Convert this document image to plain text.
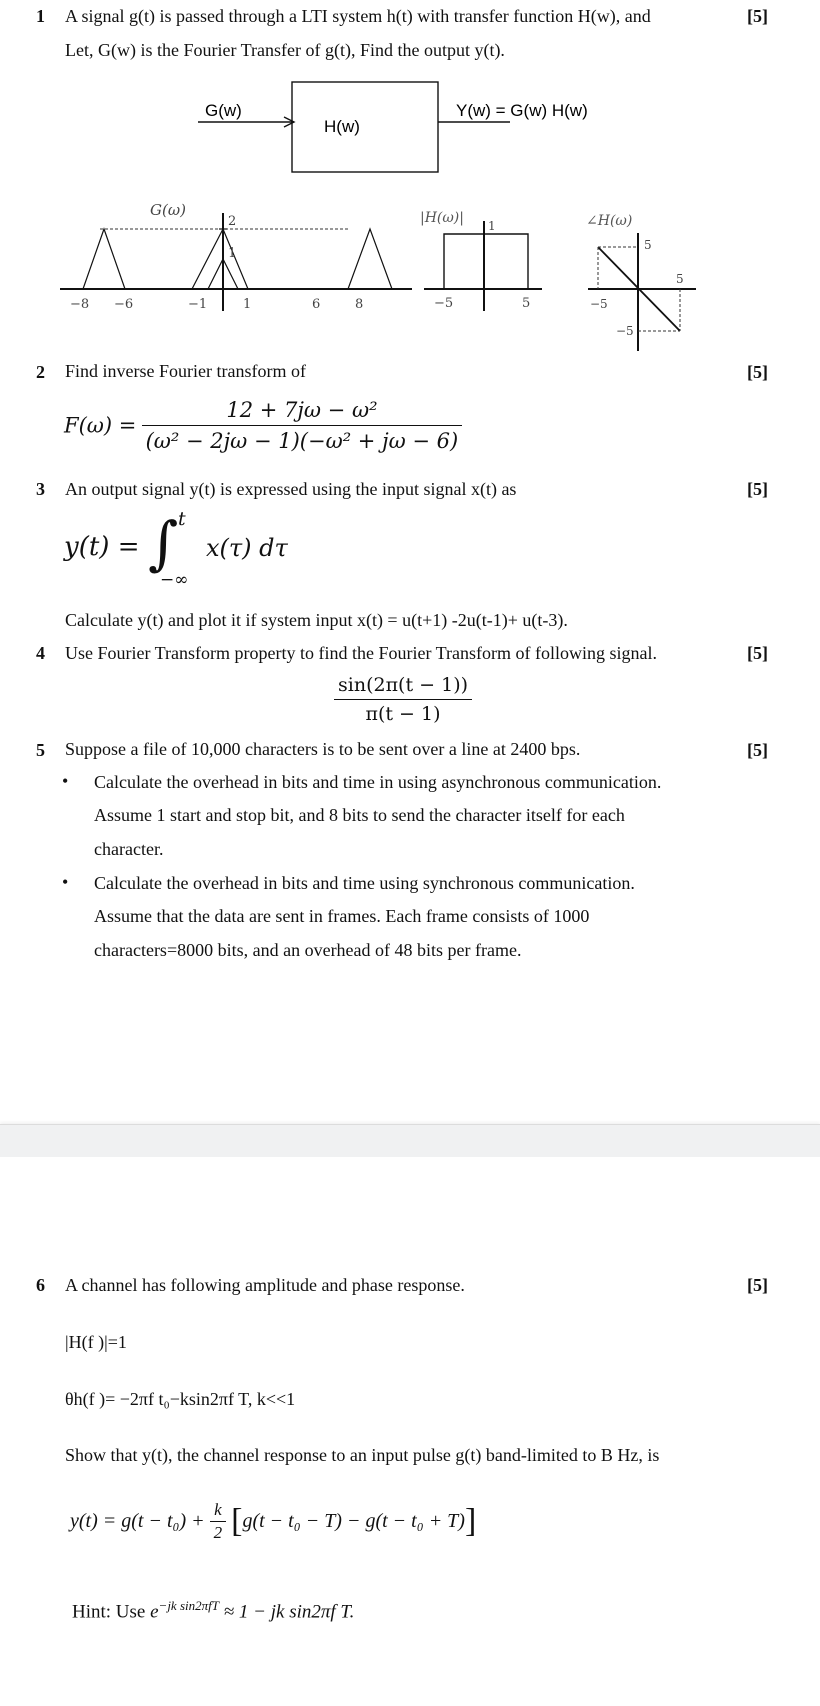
1 A signal g(t) is passed through a LTI system h(t) with transfer function H(w), and
Let, G(w) is the Fourier Transfer of g(t), Find the output y(t).
[5]
G(w)
H(w)
Y(w) = G(w) H(w)
G(ω)
2
1
−8 −6	−1	1	6	8
|H(ω)| 1
−5	5
∠H(ω)
5
5
−5
−5
2 Find inverse Fourier transform of	[5]
$F(\omega) = \frac{\text{12 + 7jω − ω²}}{\text{(ω² − 2jω − 1)(−ω² + jω − 6)}}$
3 An output signal y(t) is expressed using the input signal x(t) as	[5]
y(t) = ∫ t
−∞
x(τ) dτ
Calculate y(t) and plot it if system input x(t) = u(t+1) -2u(t-1)+ u(t-3).
4 Use Fourier Transform property to find the Fourier Transform of following signal.	[5]
$\frac{\sin(2\pi(t - 1))}{\pi(t - 1)}$
5 Suppose a file of 10,000 characters is to be sent over a line at 2400 bps.	[5]
• Calculate the overhead in bits and time in using asynchronous communication.
Assume 1 start and stop bit, and 8 bits to send the character itself for each
character.
• Calculate the overhead in bits and time using synchronous communication.
Assume that the data are sent in frames. Each frame consists of 1000
characters=8000 bits, and an overhead of 48 bits per frame.
6 A channel has following amplitude and phase response.	[5]
|H(f )|=1
θh(f )= −2πf t₀−ksin2πf T, k<<1
Show that y(t), the channel response to an input pulse g(t) band-limited to B Hz, is
$y(t) = g(t - t_0) + \frac{k}{2} [g(t - t_0 - T) - g(t - t_0 + T)]$
Hint: Use $e^{-jk sin2\pi fT} \approx 1$ − jk sin2πf T.
